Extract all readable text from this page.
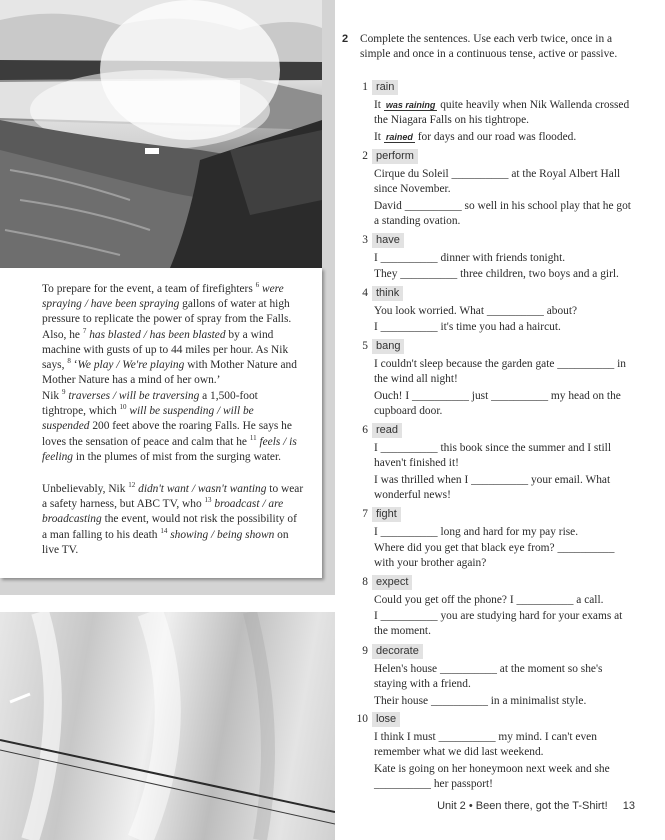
To prepare for the event, a team of firefighters $^6$ were spraying / have been spraying gallons of water at high pressure to replicate the power of spray from the Falls. Also, he $^7$ has blasted / has been blasted by a wind machine with gusts of up to 44 miles per hour. As Nik says, $^8$ ‘We play / We're playing with Mother Nature and Mother Nature has a mind of her own.’

Nik $^9$ traverses / will be traversing a 1,500-foot tightrope, which $^{10}$ will be suspending / will be suspended 200 feet above the roaring Falls. He says he loves the sensation of peace and calm that he $^{11}$ feels / is feeling in the plumes of mist from the surging water.

Unbelievably, Nik $^{12}$ didn't want / wasn't wanting to wear a safety harness, but ABC TV, who $^{13}$ broadcast / are broadcasting the event, would not risk the possibility of a man falling to his death $^{14}$ showing / being shown on live TV.

2 Complete the sentences. Use each verb twice, once in a simple and once in a continuous tense, active or passive.
1 rain

It was raining quite heavily when Nik Wallenda crossed the Niagara Falls on his tightrope.

It rained for days and our road was flooded.

2 perform

Cirque du Soleil __________ at the Royal Albert Hall since November.

David __________ so well in his school play that he got a standing ovation.

3 have

I __________ dinner with friends tonight.

They __________ three children, two boys and a girl.

4 think

You look worried. What __________ about?

I __________ it's time you had a haircut.

5 bang

I couldn't sleep because the garden gate __________ in the wind all night!

Ouch! I __________ just __________ my head on the cupboard door.

6 read

I __________ this book since the summer and I still haven't finished it!

I was thrilled when I __________ your email. What wonderful news!

7 fight

I __________ long and hard for my pay rise.

Where did you get that black eye from? __________ with your brother again?

8 expect

Could you get off the phone? I __________ a call.

I __________ you are studying hard for your exams at the moment.

9 decorate

Helen's house __________ at the moment so she's staying with a friend.

Their house __________ in a minimalist style.

10 lose

I think I must __________ my mind. I can't even remember what we did last weekend.

Kate is going on her honeymoon next week and she __________ her passport!

Unit 2 • Been there, got the T-Shirt! 13
